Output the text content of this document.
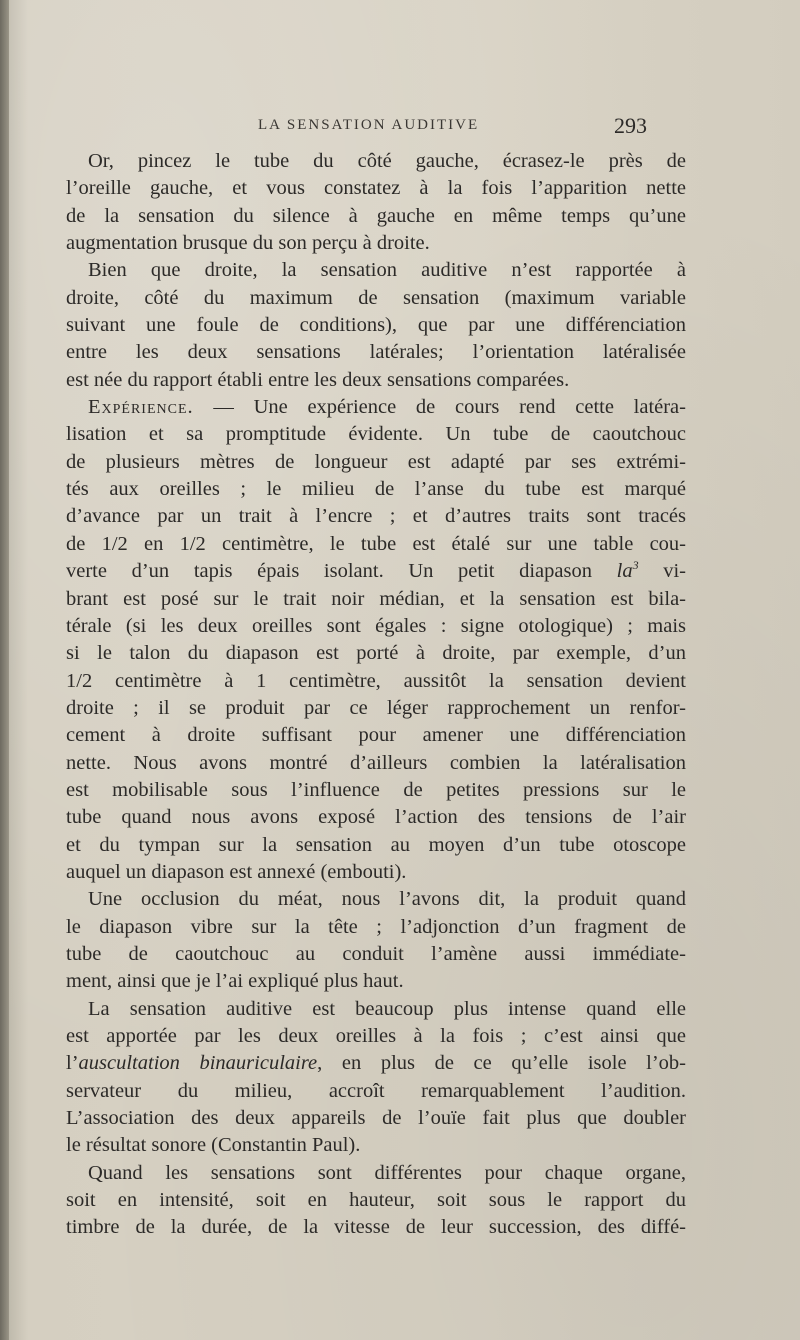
LA SENSATION AUDITIVE	293
Or, pincez le tube du côté gauche, écrasez-le près de
l’oreille gauche, et vous constatez à la fois l’apparition nette
de la sensation du silence à gauche en même temps qu’une
augmentation brusque du son perçu à droite.
Bien que droite, la sensation auditive n’est rapportée à
droite, côté du maximum de sensation (maximum variable
suivant une foule de conditions), que par une différenciation
entre les deux sensations latérales; l’orientation latéralisée
est née du rapport établi entre les deux sensations comparées.
Expérience. — Une expérience de cours rend cette latéra-
lisation et sa promptitude évidente. Un tube de caoutchouc
de plusieurs mètres de longueur est adapté par ses extrémi-
tés aux oreilles ; le milieu de l’anse du tube est marqué
d’avance par un trait à l’encre ; et d’autres traits sont tracés
de 1/2 en 1/2 centimètre, le tube est étalé sur une table cou-
verte d’un tapis épais isolant. Un petit diapason $la^3$ vi-
brant est posé sur le trait noir médian, et la sensation est bila-
térale (si les deux oreilles sont égales : signe otologique) ; mais
si le talon du diapason est porté à droite, par exemple, d’un
1/2 centimètre à 1 centimètre, aussitôt la sensation devient
droite ; il se produit par ce léger rapprochement un renfor-
cement à droite suffisant pour amener une différenciation
nette. Nous avons montré d’ailleurs combien la latéralisation
est mobilisable sous l’influence de petites pressions sur le
tube quand nous avons exposé l’action des tensions de l’air
et du tympan sur la sensation au moyen d’un tube otoscope
auquel un diapason est annexé (embouti).
Une occlusion du méat, nous l’avons dit, la produit quand
le diapason vibre sur la tête ; l’adjonction d’un fragment de
tube de caoutchouc au conduit l’amène aussi immédiate-
ment, ainsi que je l’ai expliqué plus haut.
La sensation auditive est beaucoup plus intense quand elle
est apportée par les deux oreilles à la fois ; c’est ainsi que
l’auscultation binauriculaire, en plus de ce qu’elle isole l’ob-
servateur du milieu, accroît remarquablement l’audition.
L’association des deux appareils de l’ouïe fait plus que doubler
le résultat sonore (Constantin Paul).
Quand les sensations sont différentes pour chaque organe,
soit en intensité, soit en hauteur, soit sous le rapport du
timbre de la durée, de la vitesse de leur succession, des diffé-
